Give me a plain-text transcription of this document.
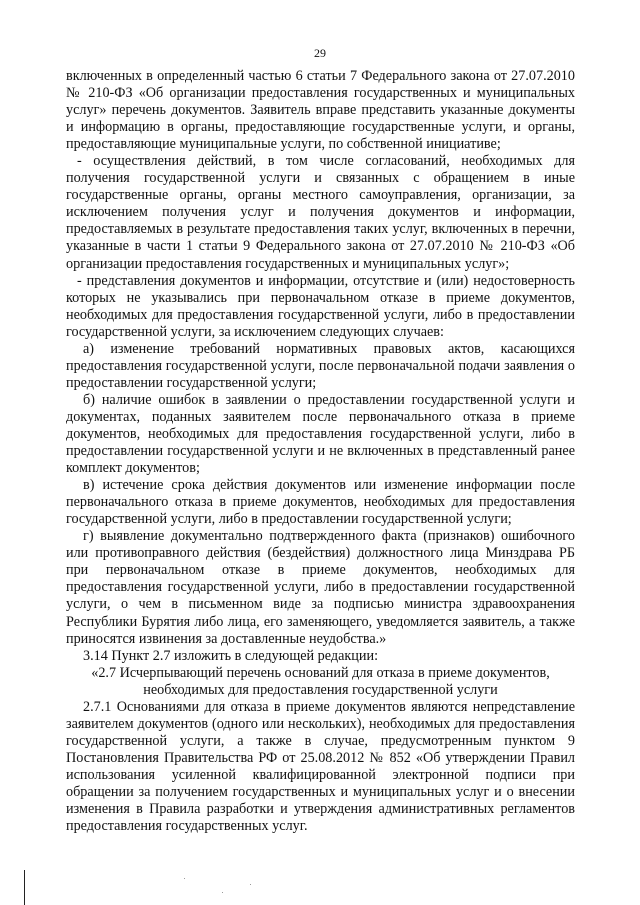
29

включенных в определенный частью 6 статьи 7 Федерального закона от 27.07.2010 № 210-ФЗ «Об организации предоставления государственных и муниципальных услуг» перечень документов. Заявитель вправе представить указанные документы и информацию в органы, предоставляющие государственные услуги, и органы, предоставляющие муниципальные услуги, по собственной инициативе;

- осуществления действий, в том числе согласований, необходимых для получения государственной услуги и связанных с обращением в иные государственные органы, органы местного самоуправления, организации, за исключением получения услуг и получения документов и информации, предоставляемых в результате предоставления таких услуг, включенных в перечни, указанные в части 1 статьи 9 Федерального закона от 27.07.2010 № 210-ФЗ «Об организации предоставления государственных и муниципальных услуг»;

- представления документов и информации, отсутствие и (или) недостоверность которых не указывались при первоначальном отказе в приеме документов, необходимых для предоставления государственной услуги, либо в предоставлении государственной услуги, за исключением следующих случаев:

а) изменение требований нормативных правовых актов, касающихся предоставления государственной услуги, после первоначальной подачи заявления о предоставлении государственной услуги;

б) наличие ошибок в заявлении о предоставлении государственной услуги и документах, поданных заявителем после первоначального отказа в приеме документов, необходимых для предоставления государственной услуги, либо в предоставлении государственной услуги и не включенных в представленный ранее комплект документов;

в) истечение срока действия документов или изменение информации после первоначального отказа в приеме документов, необходимых для предоставления государственной услуги, либо в предоставлении государственной услуги;

г) выявление документально подтвержденного факта (признаков) ошибочного или противоправного действия (бездействия) должностного лица Минздрава РБ при первоначальном отказе в приеме документов, необходимых для предоставления государственной услуги, либо в предоставлении государственной услуги, о чем в письменном виде за подписью министра здравоохранения Республики Бурятия либо лица, его заменяющего, уведомляется заявитель, а также приносятся извинения за доставленные неудобства.»

3.14 Пункт 2.7 изложить в следующей редакции:

«2.7 Исчерпывающий перечень оснований для отказа в приеме документов, необходимых для предоставления государственной услуги

2.7.1 Основаниями для отказа в приеме документов являются непредставление заявителем документов (одного или нескольких), необходимых для предоставления государственной услуги, а также в случае, предусмотренным пунктом 9 Постановления Правительства РФ от 25.08.2012 № 852 «Об утверждении Правил использования усиленной квалифицированной электронной подписи при обращении за получением государственных и муниципальных услуг и о внесении изменения в Правила разработки и утверждения административных регламентов предоставления государственных услуг.
